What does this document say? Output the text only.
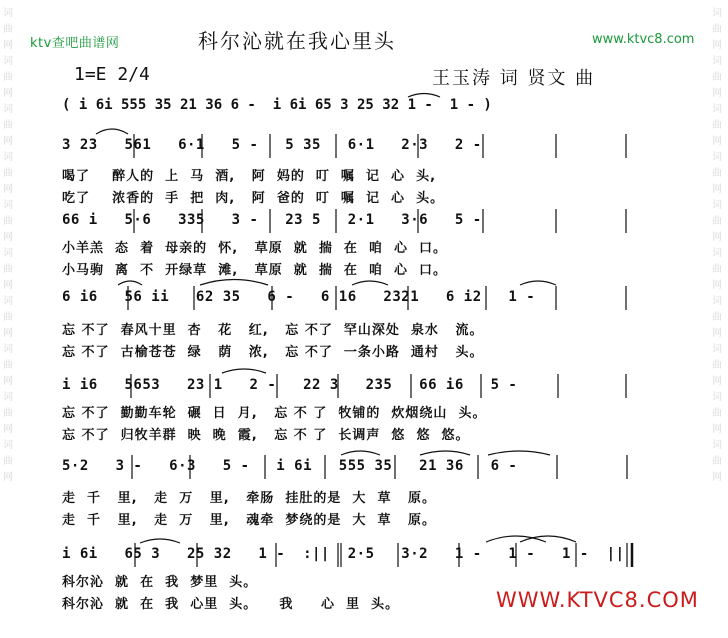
词
曲
网
词
曲
网
词
曲
网
词
曲
网
词
曲
网
词
曲
网
词
曲
网
词
曲
网
词
曲
网
词
曲
网
词
曲
网
词
曲
网
词
曲
网
词
曲
网
词
曲
网
词
曲
网
词
曲
网
词
曲
网
词
曲
网
词
曲
网
ktv查吧曲谱网	科尔沁就在我心里头	www.ktvc8.com
1=E 2/4	王玉涛 词 贤文 曲
( i 6i 555 35 21 36 6 -  i 6i 65 3 25 32 1 -  1 - )
3 23   561   6·1   5 -   5 35   6·1   2·3   2 -
喝了    醉人的  上  马  酒,   阿  妈的  叮  嘱  记  心  头,
吃了    浓香的  手  把  肉,   阿  爸的  叮  嘱  记  心  头。
66 i   5·6   335   3 -   23 5   2·1   3·6   5 -
小羊羔  态  着  母亲的  怀,   草原  就  揣  在  咱  心  口。
小马驹  离  不  开绿草  滩,   草原  就  揣  在  咱  心  口。
6 i6   56 ii   62 35   6 -   6 16   2321   6 i2   1 -
忘 不了  春风十里  杏   花   红,   忘 不了  罕山深处  泉水   流。
忘 不了  古榆苍苍  绿   荫   浓,   忘 不了  一条小路  通村   头。
i i6   5653   23 1   2 -   22 3   235   66 i6   5 -
忘 不了  勤勤车轮  碾  日  月,   忘 不 了  牧铺的  炊烟绕山  头。
忘 不了  归牧羊群  映  晚  霞,   忘 不 了  长调声  悠  悠  悠。
5·2   3 -   6·3   5 -   i 6i   555 35   21 36   6 -
走  千   里,   走  万   里,   牵肠  挂肚的是  大  草   原。
走  千   里,   走  万   里,   魂牵  梦绕的是  大  草   原。
i 6i   65 3   25 32   1 -  :||  2·5   3·2   1 -   1 -   1 -  ||
科尔沁  就  在  我  梦里  头。
科尔沁  就  在  我  心里  头。    我     心  里  头。	WWW.KTVC8.COM
